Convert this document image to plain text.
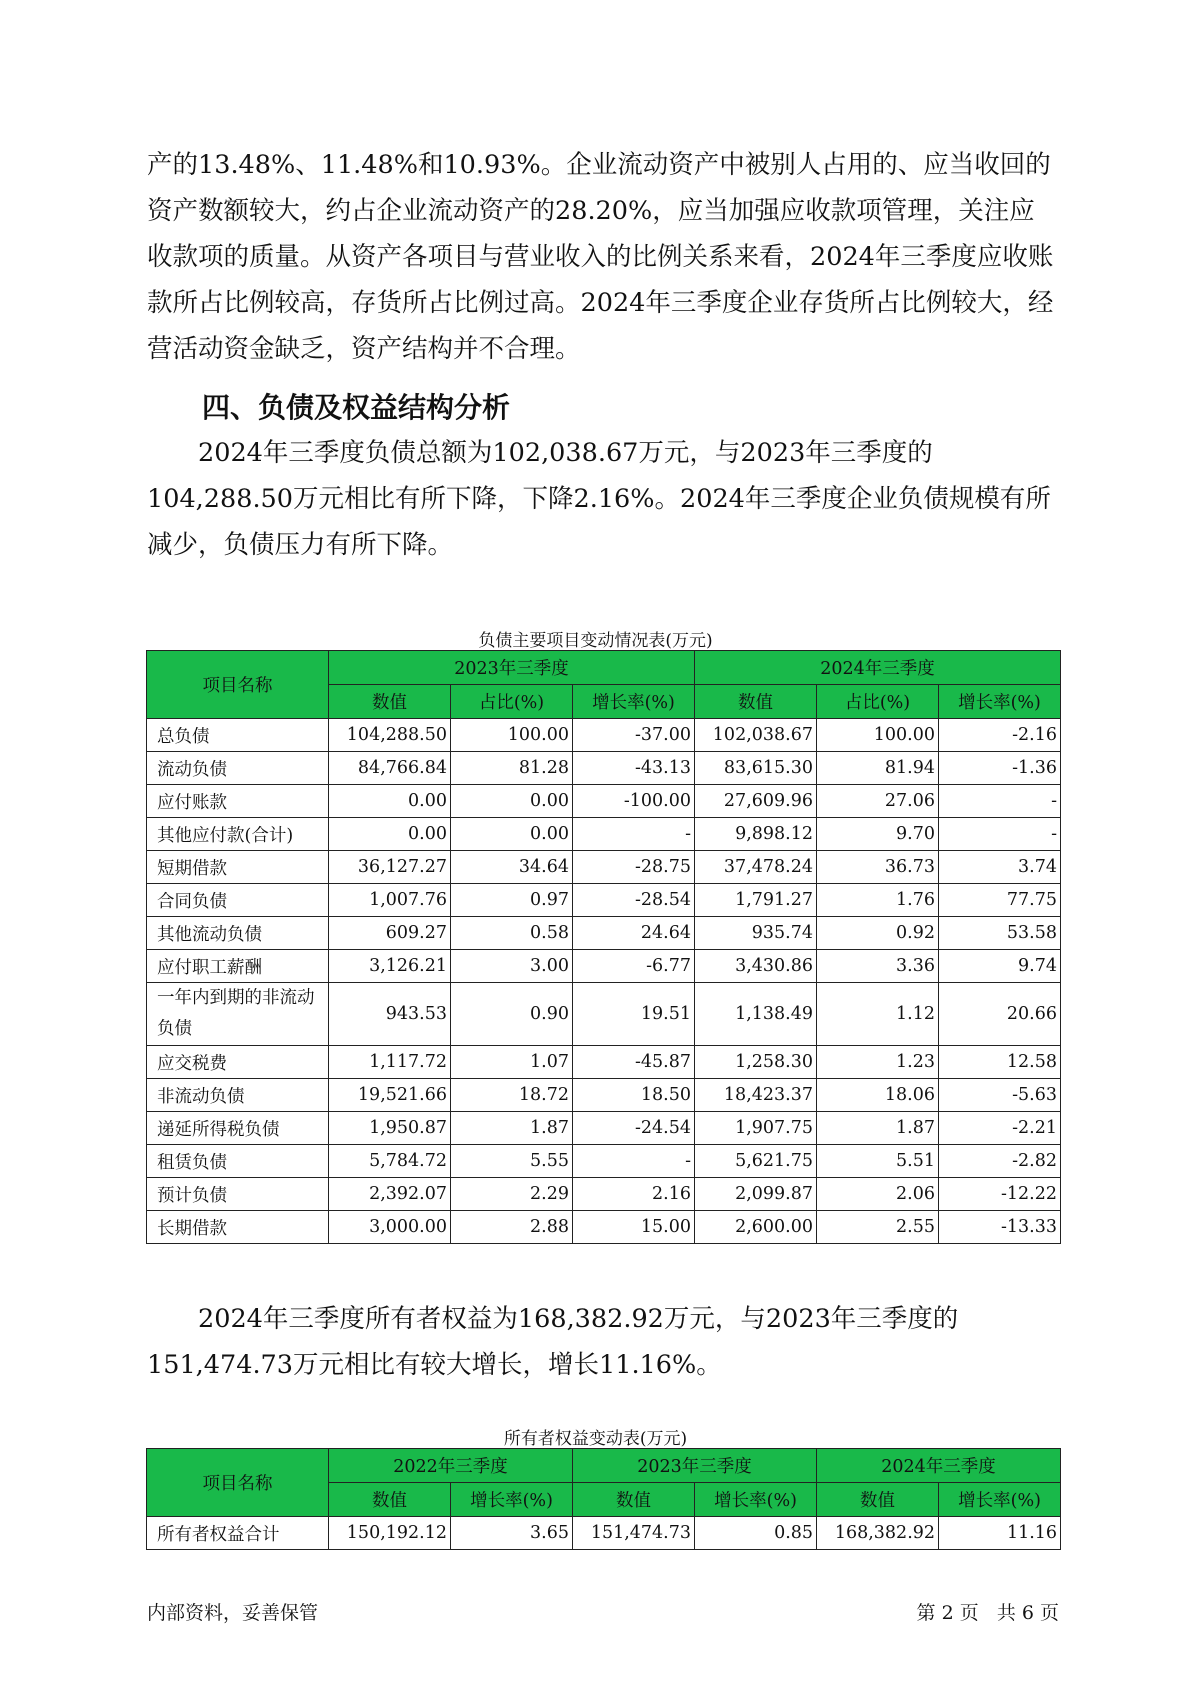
产的13.48%、11.48%和10.93%。企业流动资产中被别人占用的、应当收回的资产数额较大，约占企业流动资产的28.20%，应当加强应收款项管理，关注应收款项的质量。从资产各项目与营业收入的比例关系来看，2024年三季度应收账款所占比例较高，存货所占比例过高。2024年三季度企业存货所占比例较大，经营活动资金缺乏，资产结构并不合理。

四、负债及权益结构分析

2024年三季度负债总额为102,038.67万元，与2023年三季度的104,288.50万元相比有所下降，下降2.16%。2024年三季度企业负债规模有所减少，负债压力有所下降。

负债主要项目变动情况表(万元)
项目名称	2023年三季度			2024年三季度		
	数值	占比(%)	增长率(%)	数值	占比(%)	增长率(%)
总负债	104,288.50	100.00	-37.00	102,038.67	100.00	-2.16
流动负债	84,766.84	81.28	-43.13	83,615.30	81.94	-1.36
应付账款	0.00	0.00	-100.00	27,609.96	27.06	-
其他应付款(合计)	0.00	0.00	-	9,898.12	9.70	-
短期借款	36,127.27	34.64	-28.75	37,478.24	36.73	3.74
合同负债	1,007.76	0.97	-28.54	1,791.27	1.76	77.75
其他流动负债	609.27	0.58	24.64	935.74	0.92	53.58
应付职工薪酬	3,126.21	3.00	-6.77	3,430.86	3.36	9.74
一年内到期的非流动负债	943.53	0.90	19.51	1,138.49	1.12	20.66
应交税费	1,117.72	1.07	-45.87	1,258.30	1.23	12.58
非流动负债	19,521.66	18.72	18.50	18,423.37	18.06	-5.63
递延所得税负债	1,950.87	1.87	-24.54	1,907.75	1.87	-2.21
租赁负债	5,784.72	5.55	-	5,621.75	5.51	-2.82
预计负债	2,392.07	2.29	2.16	2,099.87	2.06	-12.22
长期借款	3,000.00	2.88	15.00	2,600.00	2.55	-13.33

2024年三季度所有者权益为168,382.92万元，与2023年三季度的151,474.73万元相比有较大增长，增长11.16%。

所有者权益变动表(万元)
项目名称	2022年三季度		2023年三季度		2024年三季度	
	数值	增长率(%)	数值	增长率(%)	数值	增长率(%)
所有者权益合计	150,192.12	3.65	151,474.73	0.85	168,382.92	11.16
内部资料，妥善保管	第 2 页   共 6 页
